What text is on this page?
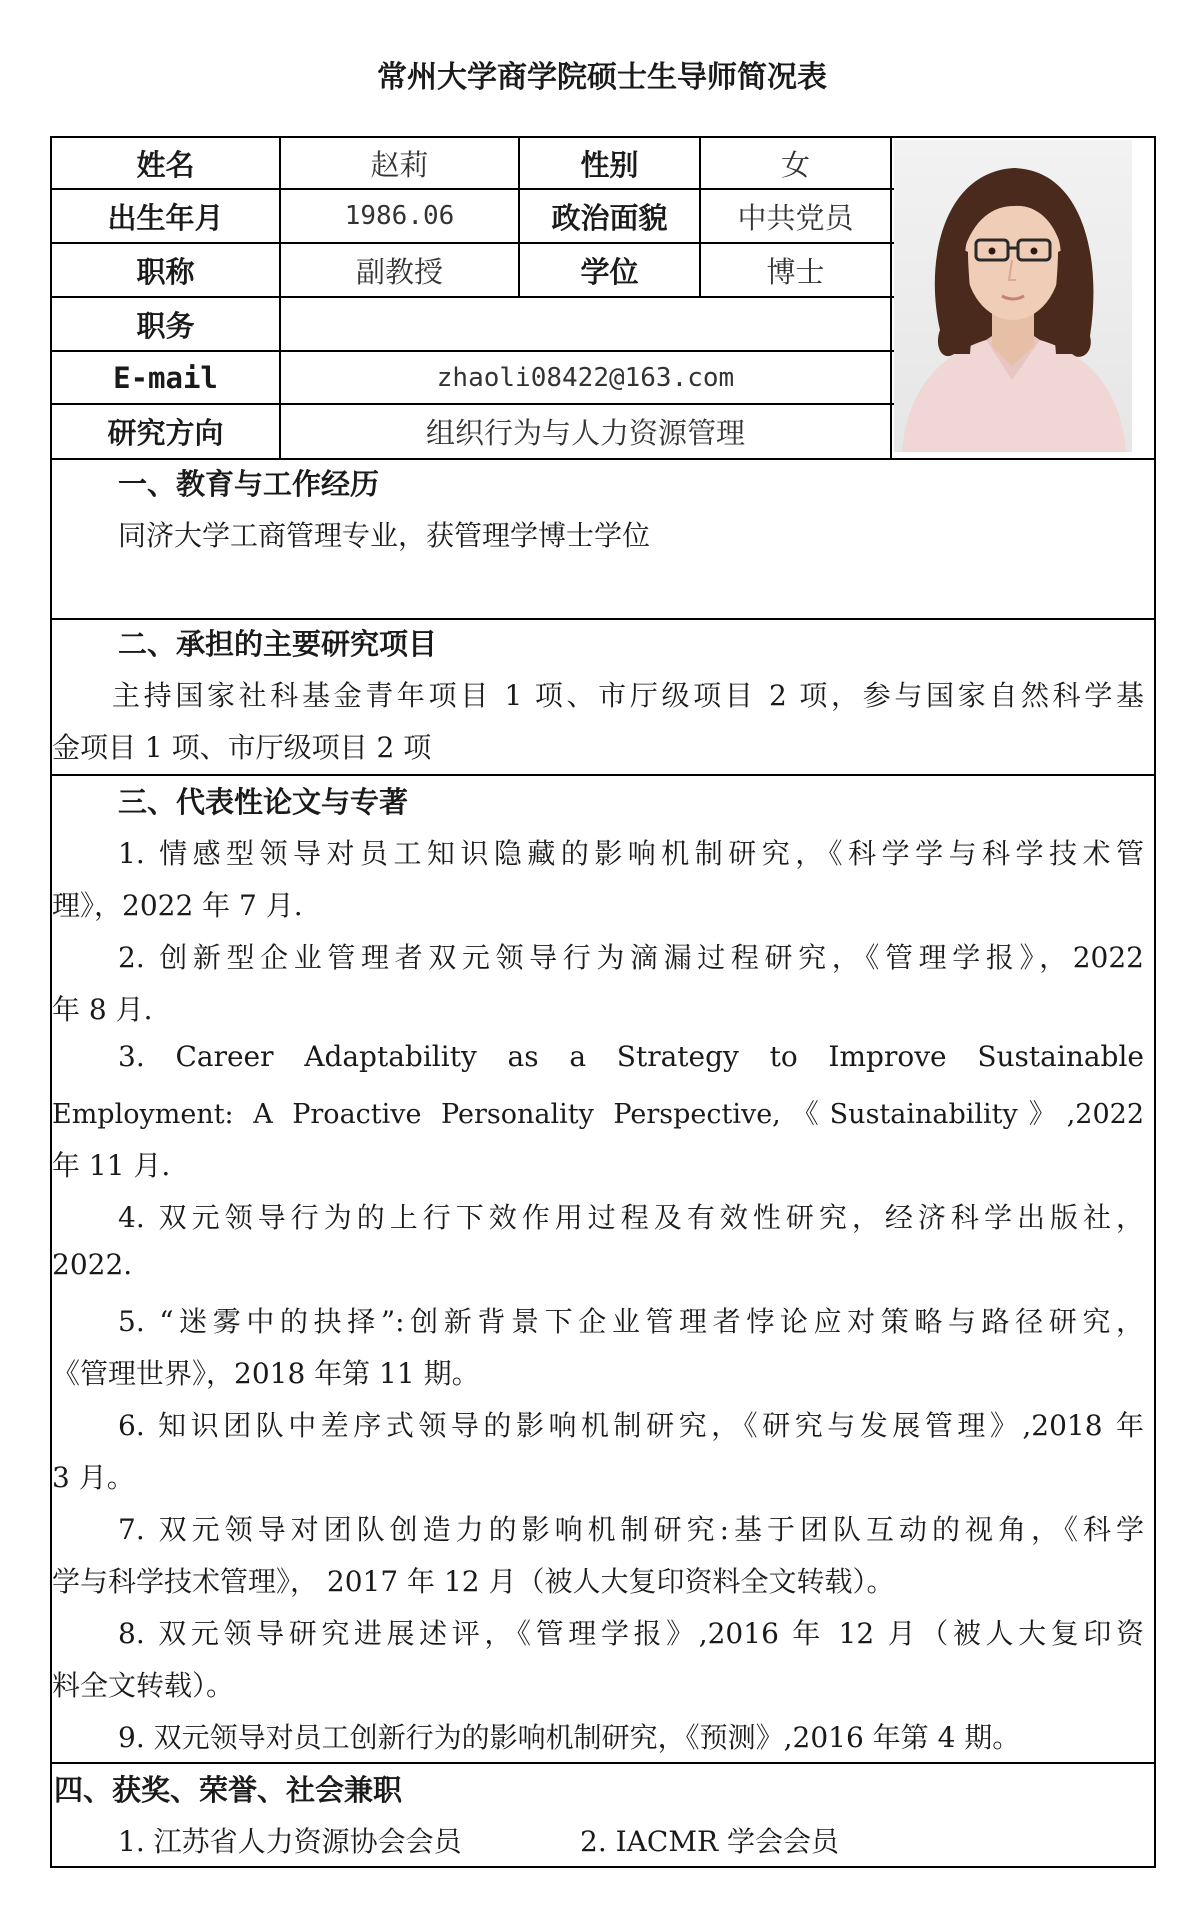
常州大学商学院硕士生导师简况表
姓名	赵莉	性别	女
出生年月	1986.06	政治面貌	中共党员
职称	副教授	学位	博士
职务
E-mail	zhaoli08422@163.com
研究方向	组织行为与人力资源管理
一、教育与工作经历
同济大学工商管理专业，获管理学博士学位
二、承担的主要研究项目
主持国家社科基金青年项目 1 项、市厅级项目 2 项，参与国家自然科学基
金项目 1 项、市厅级项目 2 项
三、代表性论文与专著
1. 情感型领导对员工知识隐藏的影响机制研究，《科学学与科学技术管
理》，2022 年 7 月.
2. 创新型企业管理者双元领导行为滴漏过程研究，《管理学报》，2022
年 8 月.
3. Career Adaptability as a Strategy to Improve Sustainable
Employment: A Proactive Personality Perspective,《Sustainability》,2022
年 11 月.
4. 双元领导行为的上行下效作用过程及有效性研究，经济科学出版社，
2022.
5. “迷雾中的抉择”:创新背景下企业管理者悖论应对策略与路径研究，
《管理世界》，2018 年第 11 期。
6. 知识团队中差序式领导的影响机制研究，《研究与发展管理》,2018 年
3 月。
7. 双元领导对团队创造力的影响机制研究:基于团队互动的视角，《科学
学与科学技术管理》， 2017 年 12 月（被人大复印资料全文转载）。
8. 双元领导研究进展述评，《管理学报》,2016 年 12 月（被人大复印资
料全文转载）。
9. 双元领导对员工创新行为的影响机制研究，《预测》,2016 年第 4 期。
四、获奖、荣誉、社会兼职
1. 江苏省人力资源协会会员	2. IACMR 学会会员
